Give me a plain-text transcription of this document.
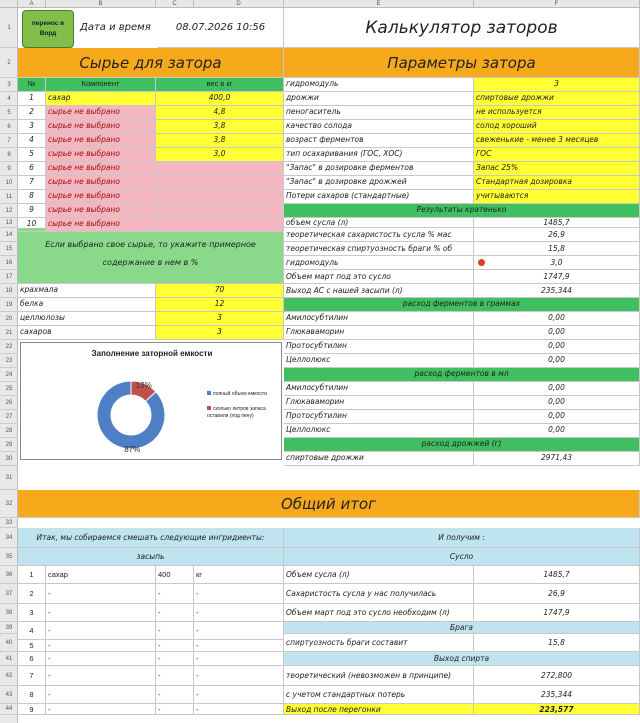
A	B	C	D	E	F
1
2
3
4
5
6
7
8
9
10
11
12
13
14
15
16
17
18
19
20
21
22
23
24
25
26
27
28
29
30
31
32
33
34
35
36
37
38
39
40
41
42
43
44
перенос в Ворд
Дата и время	08.07.2026 10:56	Калькулятор заторов
Сырье для затора	Параметры затора
№	Компонент	вес в кг
Если выбрано свое сырье, то укажите примерное содержание в нем в %
Заполнение заторной емкости
13%
87%
полный объем емкости
сколько литров запаса оставили (под пену)
1	сахар	400,0
2	сырье не выбрано	4,8
3	сырье не выбрано	3,8
4	сырье не выбрано	3,8
5	сырье не выбрано	3,0
6	сырье не выбрано
7	сырье не выбрано
8	сырье не выбрано
9	сырье не выбрано
10	сырье не выбрано
крахмала	70
белка	12
целлюлозы	3
сахаров	3
гидромодуль	3
дрожжи	спиртовые дрожжи
пеногаситель	не используется
качество солода	солод хороший
возраст ферментов	свеженькие - менее 3 месяцев
тип осахаривания (ГОС, ХОС)	ГОС
"Запас" в дозировке ферментов	Запас 25%
"Запас" в дозировке дрожжей	Стандартная дозировка
Потери сахаров (стандартные)	учитываются
Результаты кратенько
объем сусла (л)	1485,7
теоретическая сахаристость сусла % мас	26,9
теоретическая спиртуозность браги % об	15,8
гидромодуль	3,0
Объем март под это сусло	1747,9
Выход АС с нашей засыпи (л)	235,344
расход ферментов в граммах
Амилосубтилин	0,00
Глюкаваморин	0,00
Протосубтилин	0,00
Целлолюкс	0,00
расход ферментов в мл
Амилосубтилин	0,00
Глюкаваморин	0,00
Протосубтилин	0,00
Целлолюкс	0,00
расход дрожжей (г)
спиртовые дрожжи	2971,43
Общий итог
Итак, мы собираемся смешать следующие ингридиенты:	И получим :
засыпь	Сусло
1	сахар	400	кг
2	-	-	-
3	-	-	-
4	-	-	-
5	-	-	-
6	-	-	-
7	-	-	-
8	-	-	-
9	-	-	-
Объем сусла (л)	1485,7
Сахаристость сусла у нас получилась	26,9
Объем март под это сусло необходим (л)	1747,9
Брага
спиртуозность браги составит	15,8
Выход спирта
теоретический (невозможен в принципе)	272,800
с учетом стандартных потерь	235,344
Выход после перегонки	223,577
